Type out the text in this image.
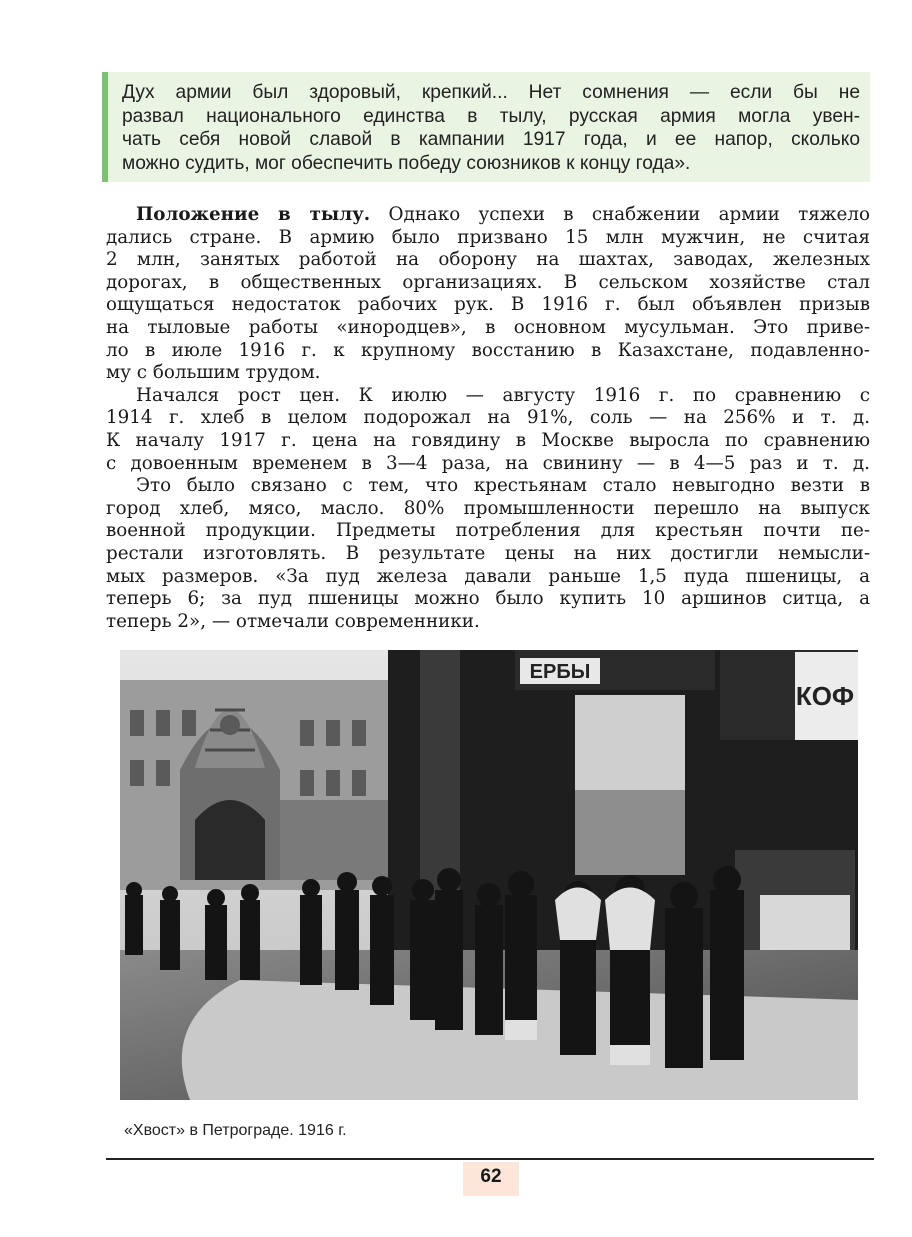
Дух армии был здоровый, крепкий... Нет сомнения — если бы не
развал национального единства в тылу, русская армия могла увен-
чать себя новой славой в кампании 1917 года, и ее напор, сколько
можно судить, мог обеспечить победу союзников к концу года».

Положение в тылу. Однако успехи в снабжении армии тяжело
дались стране. В армию было призвано 15 млн мужчин, не считая
2 млн, занятых работой на оборону на шахтах, заводах, железных
дорогах, в общественных организациях. В сельском хозяйстве стал
ощущаться недостаток рабочих рук. В 1916 г. был объявлен призыв
на тыловые работы «инородцев», в основном мусульман. Это приве-
ло в июле 1916 г. к крупному восстанию в Казахстане, подавленно-
му с большим трудом.
Начался рост цен. К июлю — августу 1916 г. по сравнению с
1914 г. хлеб в целом подорожал на 91%, соль — на 256% и т. д.
К началу 1917 г. цена на говядину в Москве выросла по сравнению
с довоенным временем в 3—4 раза, на свинину — в 4—5 раз и т. д.
Это было связано с тем, что крестьянам стало невыгодно везти в
город хлеб, мясо, масло. 80% промышленности перешло на выпуск
военной продукции. Предметы потребления для крестьян почти пе-
рестали изготовлять. В результате цены на них достигли немысли-
мых размеров. «За пуд железа давали раньше 1,5 пуда пшеницы, а
теперь 6; за пуд пшеницы можно было купить 10 аршинов ситца, а
теперь 2», — отмечали современники.
ЕРБЫ
КОФ
«Хвост» в Петрограде. 1916 г.
62
